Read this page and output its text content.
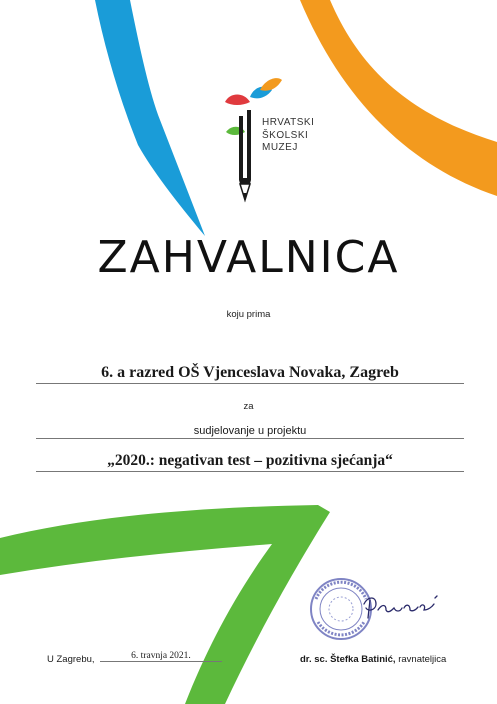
HRVATSKI
ŠKOLSKI
MUZEJ
ZAHVALNICA
koju prima
6. a razred OŠ Vjenceslava Novaka, Zagreb
za
sudjelovanje u projektu
„2020.: negativan test – pozitivna sjećanja“
U Zagrebu,	6. travnja 2021.	dr. sc. Štefka Batinić, ravnateljica
